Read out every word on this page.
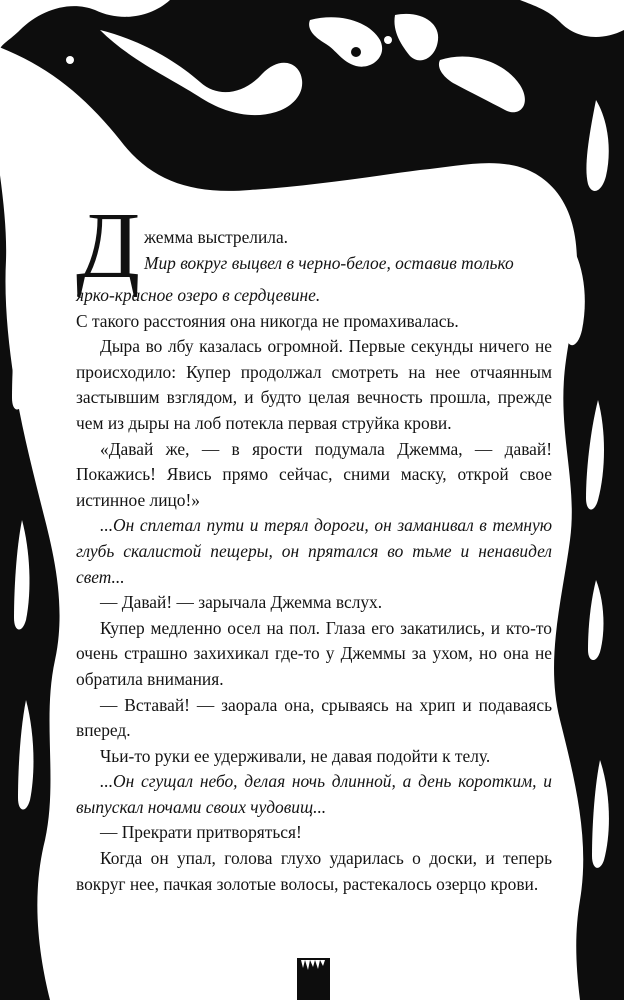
Д жемма выстрелила.
Мир вокруг выцвел в черно-белое, оставив только

ярко-красное озеро в сердцевине.

С такого расстояния она никогда не промахивалась.

Дыра во лбу казалась огромной. Первые секунды ничего не происходило: Купер продолжал смотреть на нее отчаянным застывшим взглядом, и будто целая вечность прошла, прежде чем из дыры на лоб потекла первая струйка крови.

«Давай же, — в ярости подумала Джемма, — давай! Покажись! Явись прямо сейчас, сними маску, открой свое истинное лицо!»

...Он сплетал пути и терял дороги, он заманивал в темную глубь скалистой пещеры, он прятался во тьме и ненавидел свет...

— Давай! — зарычала Джемма вслух.

Купер медленно осел на пол. Глаза его закатились, и кто-то очень страшно захихикал где-то у Джеммы за ухом, но она не обратила внимания.

— Вставай! — заорала она, срываясь на хрип и подаваясь вперед.

Чьи-то руки ее удерживали, не давая подойти к телу.

...Он сгущал небо, делая ночь длинной, а день коротким, и выпускал ночами своих чудовищ...

— Прекрати притворяться!

Когда он упал, голова глухо ударилась о доски, и теперь вокруг нее, пачкая золотые волосы, растекалось озерцо крови.
